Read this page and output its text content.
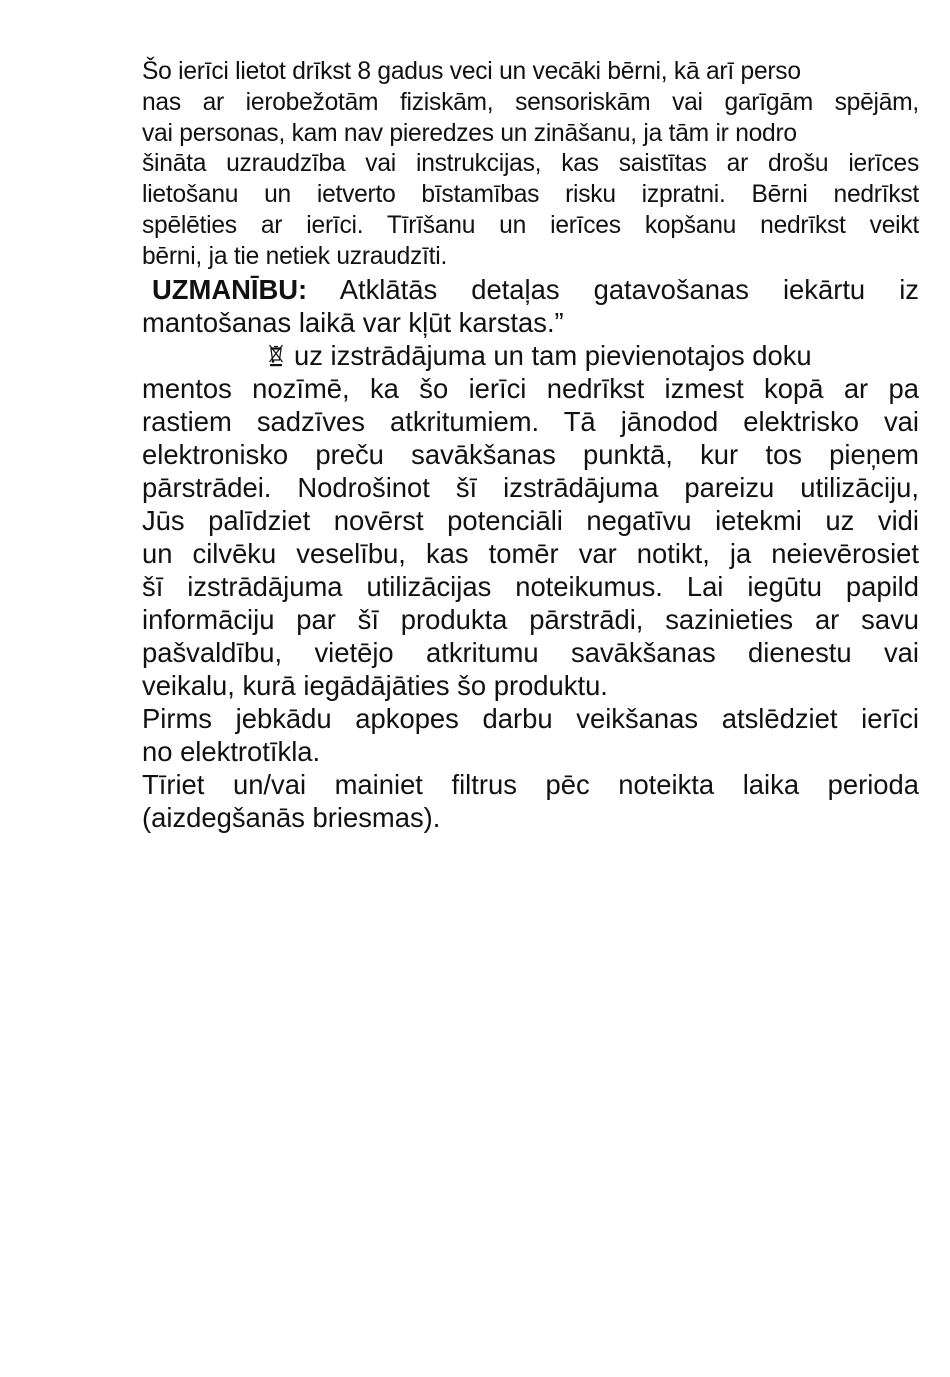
Šo ierīci lietot drīkst 8 gadus veci un vecāki bērni, kā arī perso
nas ar ierobežotām fiziskām, sensoriskām vai garīgām spējām,
vai personas, kam nav pieredzes un zināšanu, ja tām ir nodro
šināta uzraudzība vai instrukcijas, kas saistītas ar drošu ierīces
lietošanu un ietverto bīstamības risku izpratni. Bērni nedrīkst
spēlēties ar ierīci. Tīrīšanu un ierīces kopšanu nedrīkst veikt
bērni, ja tie netiek uzraudzīti.
UZMANĪBU: Atklātās detaļas gatavošanas iekārtu iz
mantošanas laikā var kļūt karstas.”
uz izstrādājuma un tam pievienotajos doku
mentos nozīmē, ka šo ierīci nedrīkst izmest kopā ar pa
rastiem sadzīves atkritumiem. Tā jānodod elektrisko vai
elektronisko preču savākšanas punktā, kur tos pieņem
pārstrādei. Nodrošinot šī izstrādājuma pareizu utilizāciju,
Jūs palīdziet novērst potenciāli negatīvu ietekmi uz vidi
un cilvēku veselību, kas tomēr var notikt, ja neievērosiet
šī izstrādājuma utilizācijas noteikumus. Lai iegūtu papild
informāciju par šī produkta pārstrādi, sazinieties ar savu
pašvaldību, vietējo atkritumu savākšanas dienestu vai
veikalu, kurā iegādājāties šo produktu.
Pirms jebkādu apkopes darbu veikšanas atslēdziet ierīci
no elektrotīkla.
Tīriet un/vai mainiet filtrus pēc noteikta laika perioda
(aizdegšanās briesmas).
